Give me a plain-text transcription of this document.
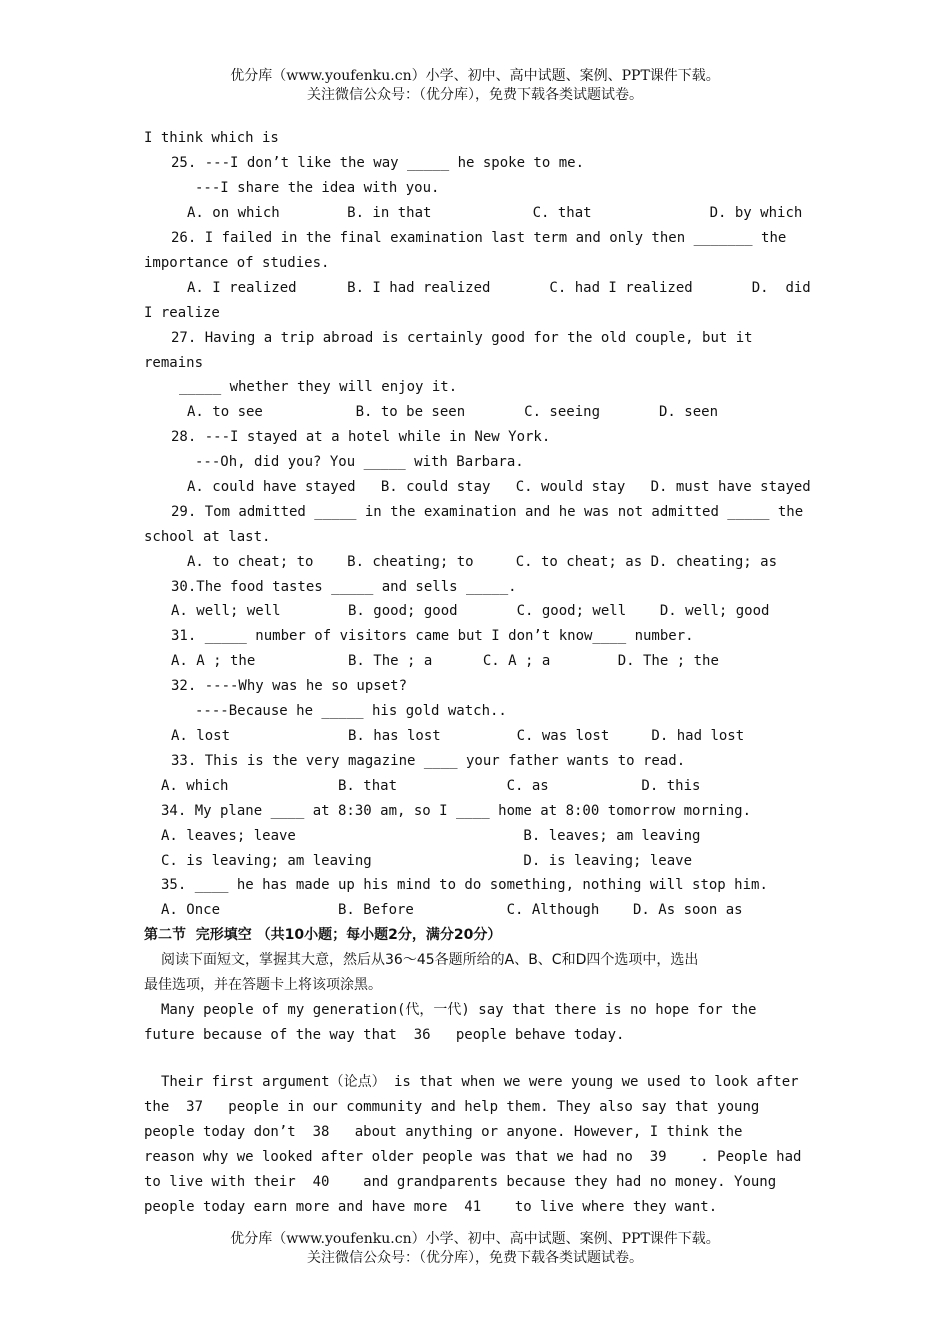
优分库（www.youfenku.cn）小学、初中、高中试题、案例、PPT课件下载。
关注微信公众号：（优分库），免费下载各类试题试卷。
I think which is
25. ---I don’t like the way _____ he spoke to me.
---I share the idea with you.
A. on which        B. in that            C. that              D. by which
26. I failed in the final examination last term and only then _______ the
importance of studies.
A. I realized      B. I had realized       C. had I realized       D.  did
I realize
27. Having a trip abroad is certainly good for the old couple, but it
remains
_____ whether they will enjoy it.
A. to see           B. to be seen       C. seeing       D. seen
28. ---I stayed at a hotel while in New York.
---Oh, did you? You _____ with Barbara.
A. could have stayed   B. could stay   C. would stay   D. must have stayed
29. Tom admitted _____ in the examination and he was not admitted _____ the
school at last.
A. to cheat; to    B. cheating; to     C. to cheat; as D. cheating; as
30.The food tastes _____ and sells _____.
A. well; well        B. good; good       C. good; well    D. well; good
31. _____ number of visitors came but I don’t know____ number.
A. A ; the           B. The ; a      C. A ; a        D. The ; the
32. ----Why was he so upset?
----Because he _____ his gold watch..
A. lost              B. has lost         C. was lost     D. had lost
33. This is the very magazine ____ your father wants to read.
A. which             B. that             C. as           D. this
34. My plane ____ at 8:30 am, so I ____ home at 8:00 tomorrow morning.
A. leaves; leave                           B. leaves; am leaving
C. is leaving; am leaving                  D. is leaving; leave
35. ____ he has made up his mind to do something, nothing will stop him.
A. Once              B. Before           C. Although    D. As soon as
第二节  完形填空 （共10小题；每小题2分，满分20分）
阅读下面短文，掌握其大意，然后从36～45各题所给的A、B、C和D四个选项中，选出
最佳选项，并在答题卡上将该项涂黑。
Many people of my generation(代，一代) say that there is no hope for the
future because of the way that  36   people behave today.
Their first argument（论点） is that when we were young we used to look after
the  37   people in our community and help them. They also say that young
people today don’t  38   about anything or anyone. However, I think the
reason why we looked after older people was that we had no  39    . People had
to live with their  40    and grandparents because they had no money. Young
people today earn more and have more  41    to live where they want.
优分库（www.youfenku.cn）小学、初中、高中试题、案例、PPT课件下载。
关注微信公众号：（优分库），免费下载各类试题试卷。
